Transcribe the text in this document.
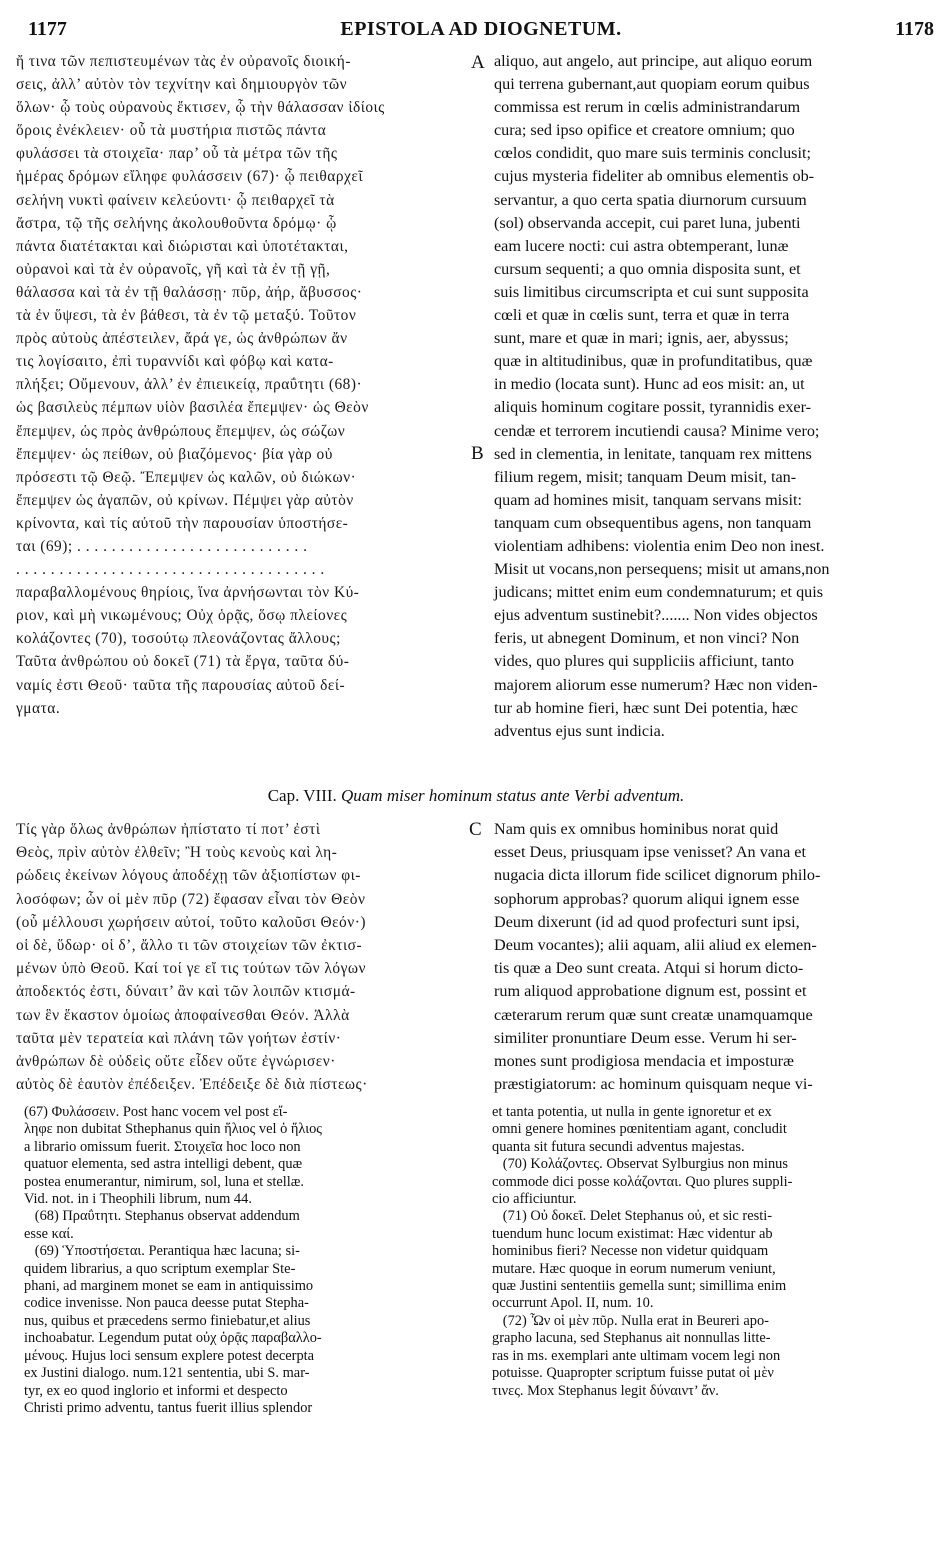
1177	EPISTOLA AD DIOGNETUM.	1178
ἤ τινα τῶν πεπιστευμένων τὰς ἐν οὐρανοῖς διοική-
σεις, ἀλλ’ αὐτὸν τὸν τεχνίτην καὶ δημιουργὸν τῶν
ὅλων· ᾧ τοὺς οὐρανοὺς ἔκτισεν, ᾧ τὴν θάλασσαν ἰδίοις
ὅροις ἐνέκλειεν· οὗ τὰ μυστήρια πιστῶς πάντα
φυλάσσει τὰ στοιχεῖα· παρ’ οὗ τὰ μέτρα τῶν τῆς
ἡμέρας δρόμων εἴληφε φυλάσσειν (67)· ᾧ πειθαρχεῖ
σελήνη νυκτὶ φαίνειν κελεύοντι· ᾧ πειθαρχεῖ τὰ
ἄστρα, τῷ τῆς σελήνης ἀκολουθοῦντα δρόμῳ· ᾧ
πάντα διατέτακται καὶ διώρισται καὶ ὑποτέτακται,
οὐρανοὶ καὶ τὰ ἐν οὐρανοῖς, γῆ καὶ τὰ ἐν τῇ γῇ,
θάλασσα καὶ τὰ ἐν τῇ θαλάσσῃ· πῦρ, ἀήρ, ἄβυσσος·
τὰ ἐν ὕψεσι, τὰ ἐν βάθεσι, τὰ ἐν τῷ μεταξύ. Τοῦτον
πρὸς αὐτοὺς ἀπέστειλεν, ἄρά γε, ὡς ἀνθρώπων ἄν
τις λογίσαιτο, ἐπὶ τυραννίδι καὶ φόβῳ καὶ κατα-
πλήξει; Οὔμενουν, ἀλλ’ ἐν ἐπιεικείᾳ, πραΰτητι (68)·
ὡς βασιλεὺς πέμπων υἱὸν βασιλέα ἔπεμψεν· ὡς Θεὸν
ἔπεμψεν, ὡς πρὸς ἀνθρώπους ἔπεμψεν, ὡς σώζων
ἔπεμψεν· ὡς πείθων, οὐ βιαζόμενος· βία γὰρ οὐ
πρόσεστι τῷ Θεῷ. Ἔπεμψεν ὡς καλῶν, οὐ διώκων·
ἔπεμψεν ὡς ἀγαπῶν, οὐ κρίνων. Πέμψει γὰρ αὐτὸν
κρίνοντα, καὶ τίς αὐτοῦ τὴν παρουσίαν ὑποστήσε-
ται (69); . . . . . . . . . . . . . . . . . . . . . . . . . . .
. . . . . . . . . . . . . . . . . . . . . . . . . . . . . . . . . . . .
παραβαλλομένους θηρίοις, ἵνα ἀρνήσωνται τὸν Κύ-
ριον, καὶ μὴ νικωμένους; Οὐχ ὁρᾷς, ὅσῳ πλείονες
κολάζοντες (70), τοσούτῳ πλεονάζοντας ἄλλους;
Ταῦτα ἀνθρώπου οὐ δοκεῖ (71) τὰ ἔργα, ταῦτα δύ-
ναμίς ἐστι Θεοῦ· ταῦτα τῆς παρουσίας αὐτοῦ δεί-
γματα.
A aliquo, aut angelo, aut principe, aut aliquo eorum
qui terrena gubernant,aut quopiam eorum quibus
commissa est rerum in cœlis administrandarum
cura; sed ipso opifice et creatore omnium; quo
cœlos condidit, quo mare suis terminis conclusit;
cujus mysteria fideliter ab omnibus elementis ob-
servantur, a quo certa spatia diurnorum cursuum
(sol) observanda accepit, cui paret luna, jubenti
eam lucere nocti: cui astra obtemperant, lunæ
cursum sequenti; a quo omnia disposita sunt, et
suis limitibus circumscripta et cui sunt supposita
cœli et quæ in cœlis sunt, terra et quæ in terra
sunt, mare et quæ in mari; ignis, aer, abyssus;
quæ in altitudinibus, quæ in profunditatibus, quæ
in medio (locata sunt). Hunc ad eos misit: an, ut
aliquis hominum cogitare possit, tyrannidis exer-
cendæ et terrorem incutiendi causa? Minime vero;
sed in clementia, in lenitate, tanquam rex mittens
filium regem, misit; tanquam Deum misit, tan-
quam ad homines misit, tanquam servans misit:
tanquam cum obsequentibus agens, non tanquam
violentiam adhibens: violentia enim Deo non inest.
Misit ut vocans,non persequens; misit ut amans,non
judicans; mittet enim eum condemnaturum; et quis
ejus adventum sustinebit?....... Non vides objectos
feris, ut abnegent Dominum, et non vinci? Non
vides, quo plures qui suppliciis afficiunt, tanto
majorem aliorum esse numerum? Hæc non viden-
tur ab homine fieri, hæc sunt Dei potentia, hæc
adventus ejus sunt indicia.
B
Cap. VIII. Quam miser hominum status ante Verbi adventum.
Τίς γὰρ ὅλως ἀνθρώπων ἠπίστατο τί ποτ’ ἐστὶ
Θεὸς, πρὶν αὐτὸν ἐλθεῖν; Ἢ τοὺς κενοὺς καὶ λη-
ρώδεις ἐκείνων λόγους ἀποδέχῃ τῶν ἀξιοπίστων φι-
λοσόφων; ὧν οἱ μὲν πῦρ (72) ἔφασαν εἶναι τὸν Θεὸν
(οὗ μέλλουσι χωρήσειν αὐτοί, τοῦτο καλοῦσι Θεόν·)
οἱ δὲ, ὕδωρ· οἱ δ’, ἄλλο τι τῶν στοιχείων τῶν ἐκτισ-
μένων ὑπὸ Θεοῦ. Καί τοί γε εἴ τις τούτων τῶν λόγων
ἀποδεκτός ἐστι, δύναιτ’ ἂν καὶ τῶν λοιπῶν κτισμά-
των ἓν ἕκαστον ὁμοίως ἀποφαίνεσθαι Θεόν. Ἀλλὰ
ταῦτα μὲν τερατεία καὶ πλάνη τῶν γοήτων ἐστίν·
ἀνθρώπων δὲ οὐδεὶς οὔτε εἶδεν οὔτε ἐγνώρισεν·
αὐτὸς δὲ ἑαυτὸν ἐπέδειξεν. Ἐπέδειξε δὲ διὰ πίστεως·
C Nam quis ex omnibus hominibus norat quid
esset Deus, priusquam ipse venisset? An vana et
nugacia dicta illorum fide scilicet dignorum philo-
sophorum approbas? quorum aliqui ignem esse
Deum dixerunt (id ad quod profecturi sunt ipsi,
Deum vocantes); alii aquam, alii aliud ex elemen-
tis quæ a Deo sunt creata. Atqui si horum dicto-
rum aliquod approbatione dignum est, possint et
cæterarum rerum quæ sunt creatæ unamquamque
similiter pronuntiare Deum esse. Verum hi ser-
mones sunt prodigiosa mendacia et imposturæ
præstigiatorum: ac hominum quisquam neque vi-
(67) Φυλάσσειν. Post hanc vocem vel post εἴ-
ληφε non dubitat Sthephanus quin ἥλιος vel ὁ ἥλιος
a librario omissum fuerit. Στοιχεῖα hoc loco non
quatuor elementa, sed astra intelligi debent, quæ
postea enumerantur, nimirum, sol, luna et stellæ.
Vid. not. in i Theophili librum, num 44.
(68) Πραΰτητι. Stephanus observat addendum
esse καί.
(69) Ὑποστήσεται. Perantiqua hæc lacuna; si-
quidem librarius, a quo scriptum exemplar Ste-
phani, ad marginem monet se eam in antiquissimo
codice invenisse. Non pauca deesse putat Stepha-
nus, quibus et præcedens sermo finiebatur,et alius
inchoabatur. Legendum putat οὐχ ὁρᾷς παραβαλλο-
μένους. Hujus loci sensum explere potest decerpta
ex Justini dialogo. num.121 sententia, ubi S. mar-
tyr, ex eo quod inglorio et informi et despecto
Christi primo adventu, tantus fuerit illius splendor
et tanta potentia, ut nulla in gente ignoretur et ex
omni genere homines pœnitentiam agant, concludit
quanta sit futura secundi adventus majestas.
(70) Κολάζοντες. Observat Sylburgius non minus
commode dici posse κολάζονται. Quo plures suppli-
cio afficiuntur.
(71) Οὐ δοκεῖ. Delet Stephanus οὐ, et sic resti-
tuendum hunc locum existimat: Hæc videntur ab
hominibus fieri? Necesse non videtur quidquam
mutare. Hæc quoque in eorum numerum veniunt,
quæ Justini sententiis gemella sunt; simillima enim
occurrunt Apol. II, num. 10.
(72) Ὧν οἱ μὲν πῦρ. Nulla erat in Beureri apo-
grapho lacuna, sed Stephanus ait nonnullas litte-
ras in ms. exemplari ante ultimam vocem legi non
potuisse. Quapropter scriptum fuisse putat οἱ μὲν
τινες. Mox Stephanus legit δύναιντ’ ἄν.
